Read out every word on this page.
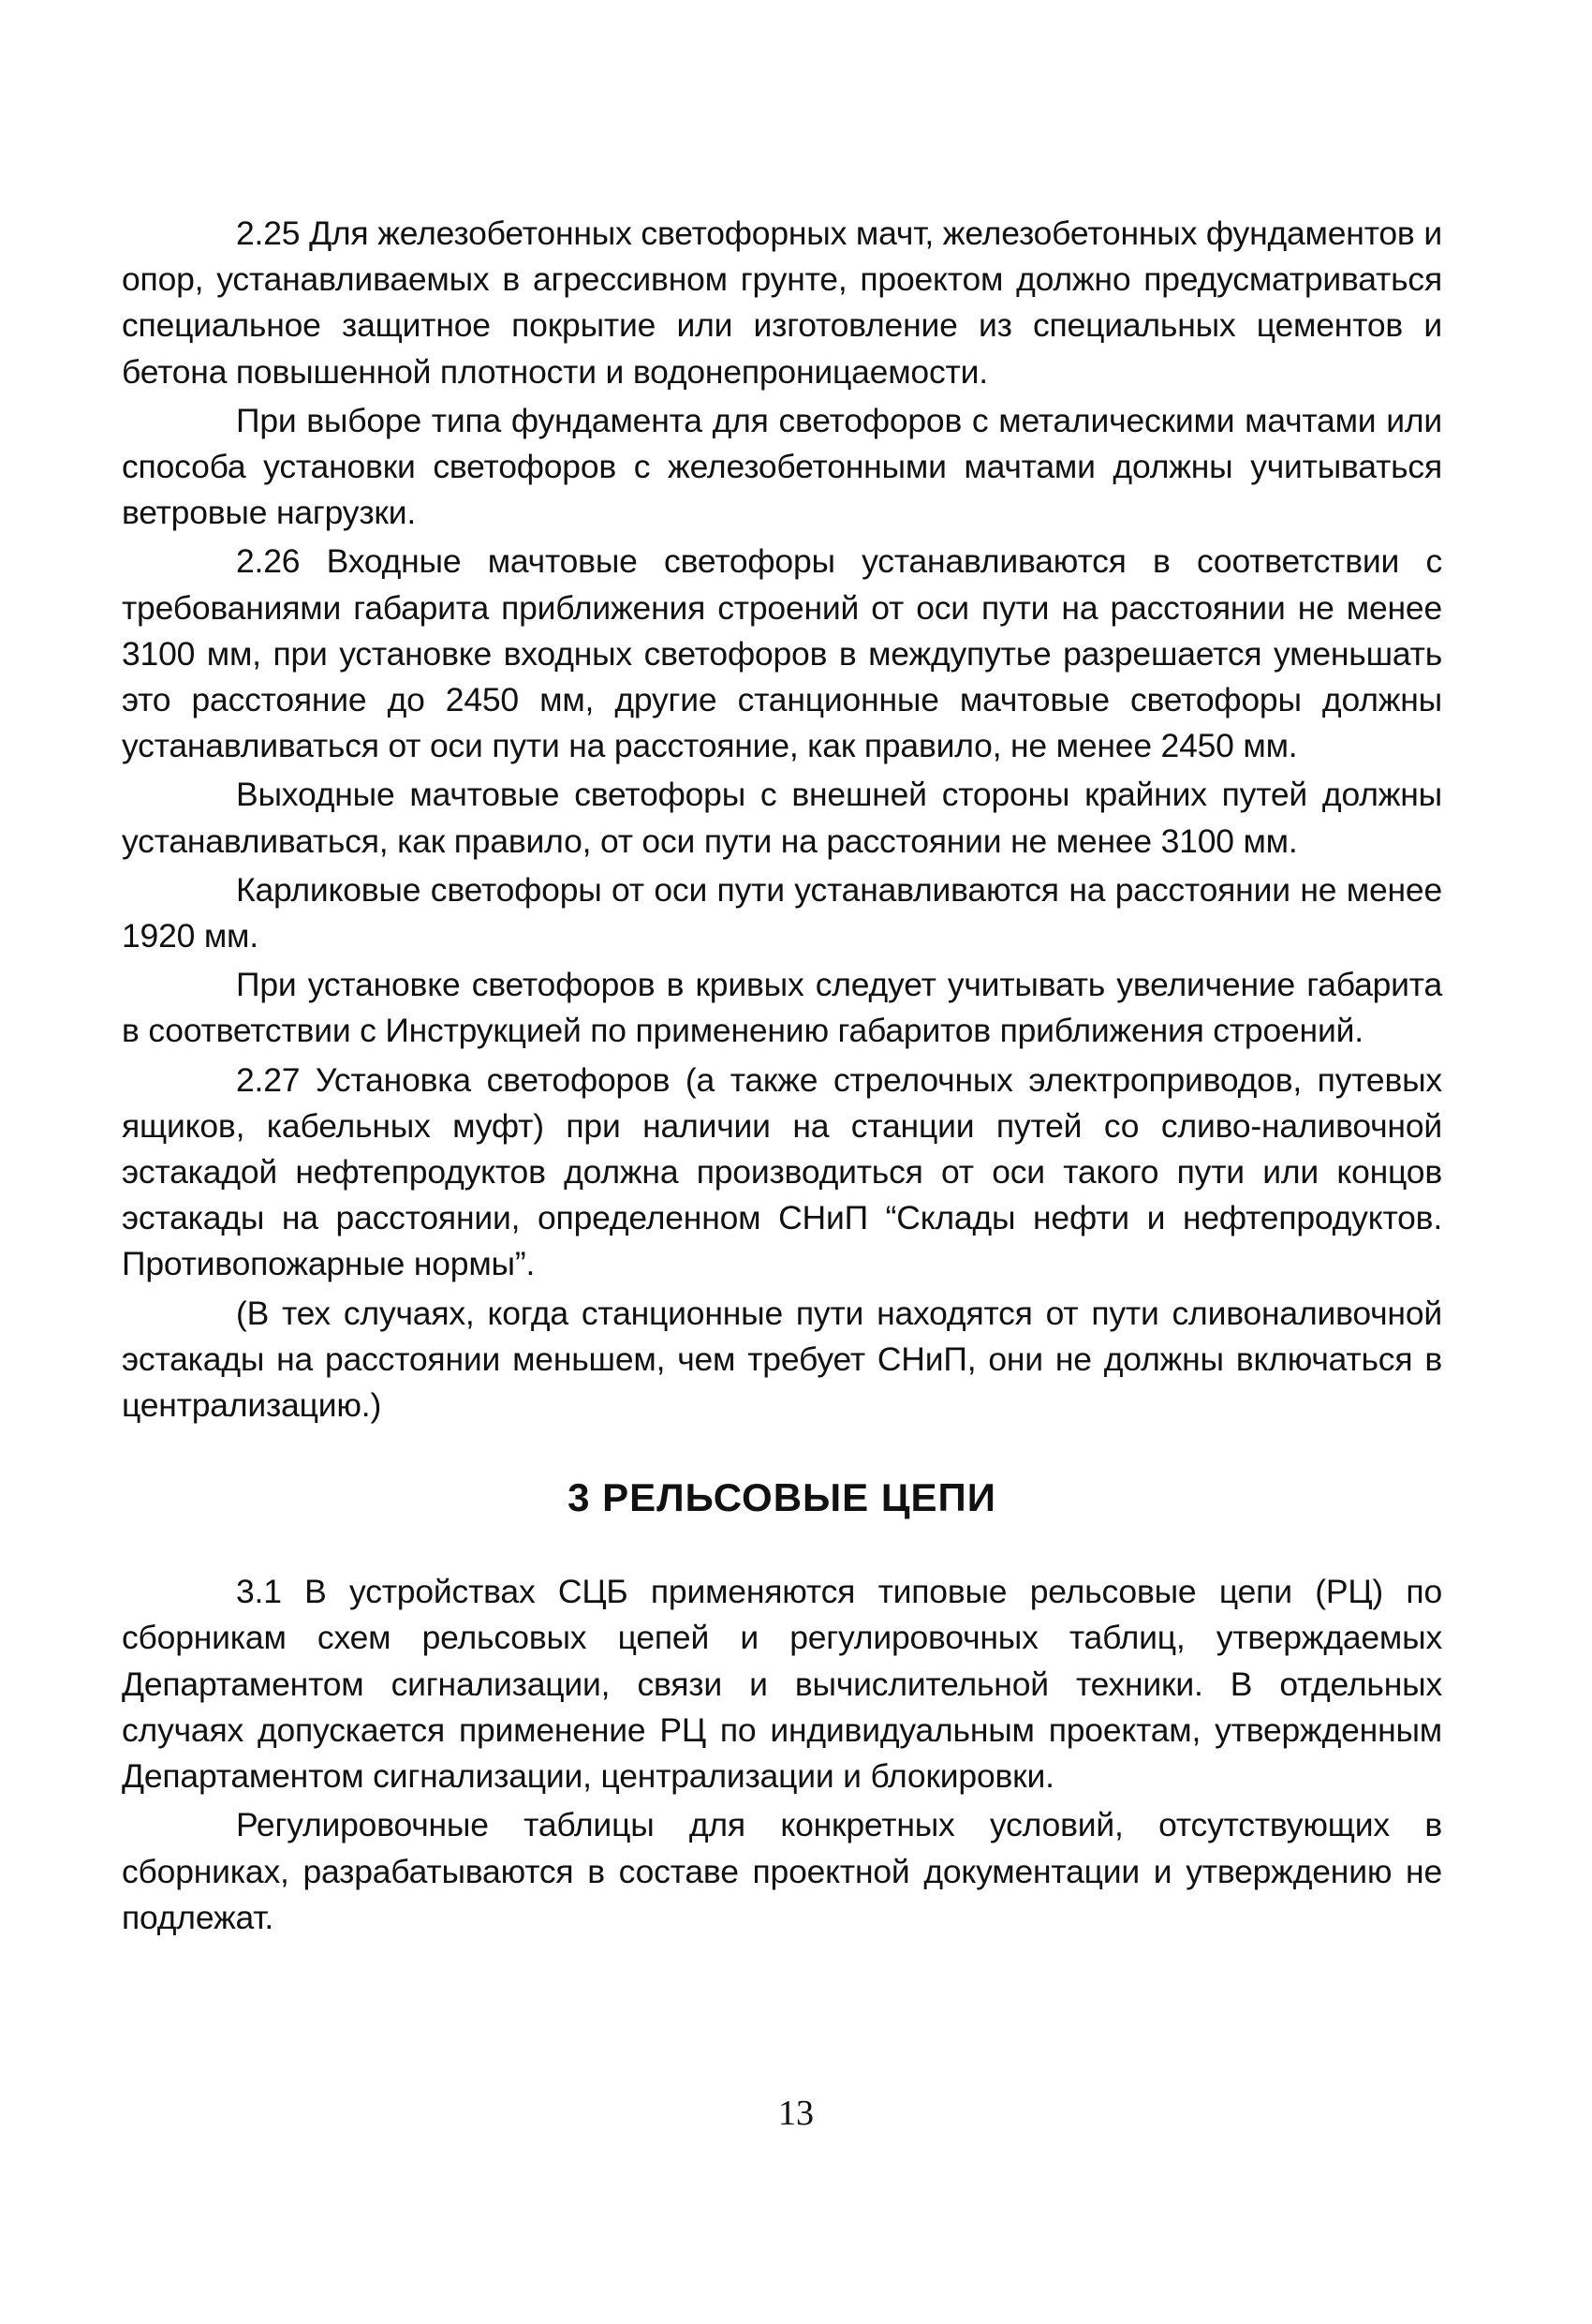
2.25 Для железобетонных светофорных мачт, железобетонных фундаментов и опор, устанавливаемых в агрессивном грунте, проектом должно предусматриваться специальное защитное покрытие или изготовление из специальных цементов и бетона повышенной плотности и водонепроницаемости.

При выборе типа фундамента для светофоров с металическими мачтами или способа установки светофоров с железобетонными мачтами должны учитываться ветровые нагрузки.

2.26 Входные мачтовые светофоры устанавливаются в соответствии с требованиями габарита приближения строений от оси пути на расстоянии не менее 3100 мм, при установке входных светофоров в междупутье разрешается уменьшать это расстояние до 2450 мм, другие станционные мачтовые светофоры должны устанавливаться от оси пути на расстояние, как правило, не менее 2450 мм.

Выходные мачтовые светофоры с внешней стороны крайних путей должны устанавливаться, как правило, от оси пути на расстоянии не менее 3100 мм.

Карликовые светофоры от оси пути устанавливаются на расстоянии не менее 1920 мм.

При установке светофоров в кривых следует учитывать увеличение габарита в соответствии с Инструкцией по применению габаритов приближения строений.

2.27 Установка светофоров (а также стрелочных электроприводов, путевых ящиков, кабельных муфт) при наличии на станции путей со сливо-наливочной эстакадой нефтепродуктов должна производиться от оси такого пути или концов эстакады на расстоянии, определенном СНиП “Склады нефти и нефтепродуктов. Противопожарные нормы”.

(В тех случаях, когда станционные пути находятся от пути сливоналивочной эстакады на расстоянии меньшем, чем требует СНиП, они не должны включаться в централизацию.)

3 РЕЛЬСОВЫЕ ЦЕПИ

3.1 В устройствах СЦБ применяются типовые рельсовые цепи (РЦ) по сборникам схем рельсовых цепей и регулировочных таблиц, утверждаемых Департаментом сигнализации, связи и вычислительной техники. В отдельных случаях допускается применение РЦ по индивидуальным проектам, утвержденным Департаментом сигнализации, централизации и блокировки.

Регулировочные таблицы для конкретных условий, отсутствующих в сборниках, разрабатываются в составе проектной документации и утверждению не подлежат.

13
